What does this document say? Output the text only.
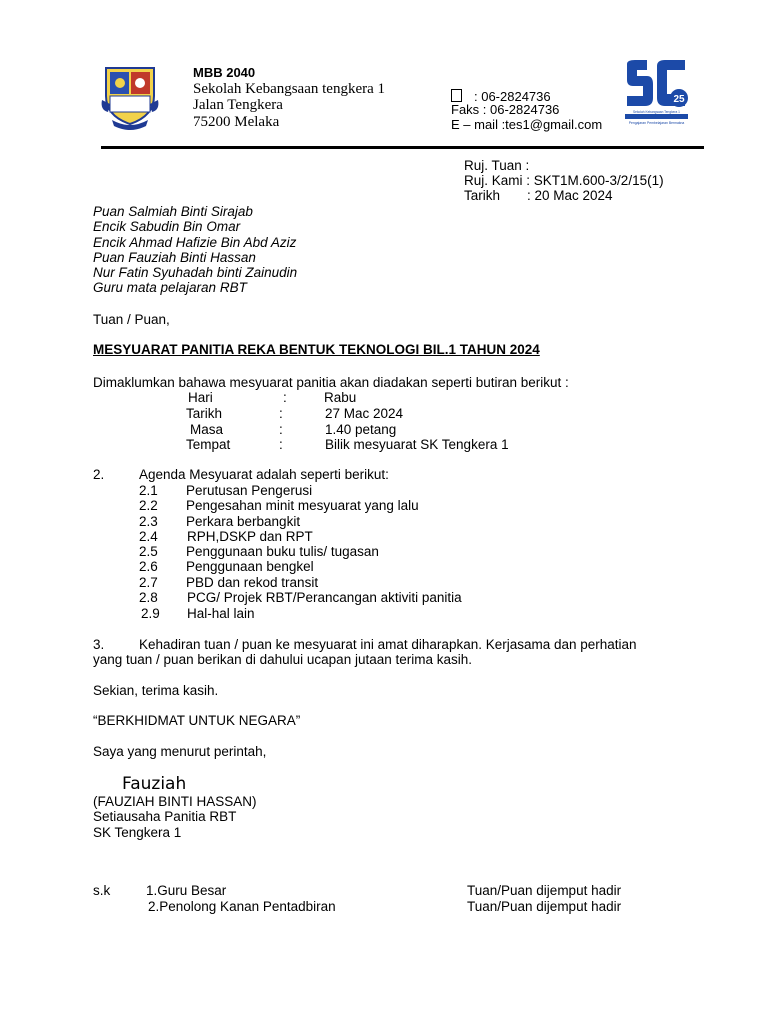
MBB 2040
Sekolah Kebangsaan tengkera 1
Jalan Tengkera
75200 Melaka
: 06-2824736
Faks : 06-2824736
E – mail :tes1@gmail.com
25
Sekolah Kebangsaan Tengkera 1
Pengajaran Pembelajaran Bermakna
Ruj. Tuan :
Ruj. Kami : SKT1M.600-3/2/15(1)
Tarikh : 20 Mac 2024
Puan Salmiah Binti Sirajab
Encik Sabudin Bin Omar
Encik Ahmad Hafizie Bin Abd Aziz
Puan Fauziah Binti Hassan
Nur Fatin Syuhadah binti Zainudin
Guru mata pelajaran RBT
Tuan / Puan,
MESYUARAT PANITIA REKA BENTUK TEKNOLOGI BIL.1 TAHUN 2024
Dimaklumkan bahawa mesyuarat panitia akan diadakan seperti butiran berikut :
Hari	:	Rabu
Tarikh	:	27 Mac 2024
Masa	:	1.40 petang
Tempat	:	Bilik mesyuarat SK Tengkera 1
2.	Agenda Mesyuarat adalah seperti berikut:
2.1 Perutusan Pengerusi
2.2 Pengesahan minit mesyuarat yang lalu
2.3 Perkara berbangkit
2.4 RPH,DSKP dan RPT
2.5 Penggunaan buku tulis/ tugasan
2.6 Penggunaan bengkel
2.7 PBD dan rekod transit
2.8 PCG/ Projek RBT/Perancangan aktiviti panitia
2.9 Hal-hal lain
3.	Kehadiran tuan / puan ke mesyuarat ini amat diharapkan. Kerjasama dan perhatian
yang tuan / puan berikan di dahului ucapan jutaan terima kasih.
Sekian, terima kasih.
“BERKHIDMAT UNTUK NEGARA”
Saya yang menurut perintah,
Fauziah
(FAUZIAH BINTI HASSAN)
Setiausaha Panitia RBT
SK Tengkera 1
s.k	1.Guru Besar	Tuan/Puan dijemput hadir
2.Penolong Kanan Pentadbiran	Tuan/Puan dijemput hadir
